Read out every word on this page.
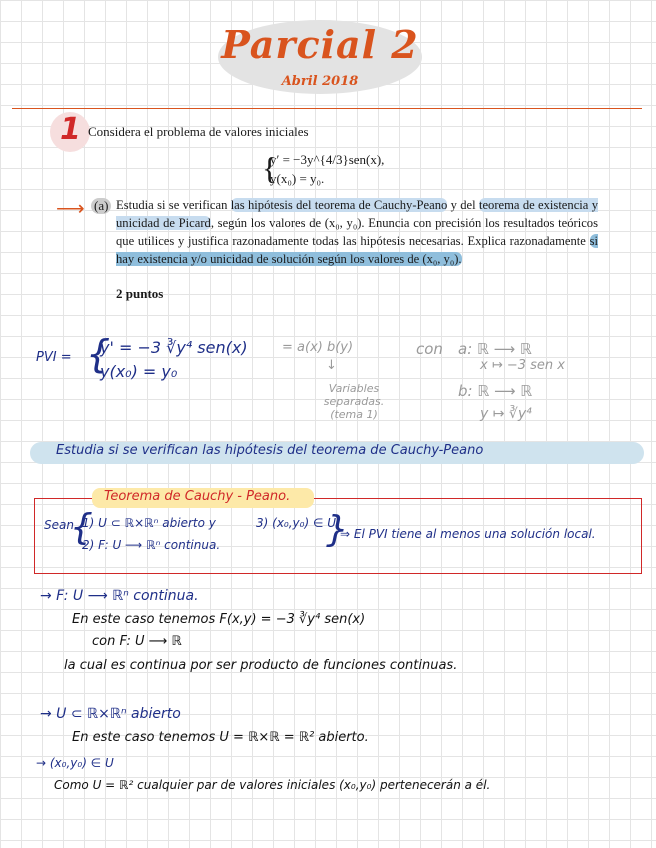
Parcial 2
Abril 2018
1 Considera el problema de valores iniciales
{
y′ = −3y^{4/3}sen(x),
y(x₀) = y₀.
⟶ (a) Estudia si se verifican las hipótesis del teorema de Cauchy-Peano y del teorema de existencia y unicidad de Picard, según los valores de (x₀, y₀). Enuncia con precisión los resultados teóricos que utilices y justifica razonadamente todas las hipótesis necesarias. Explica razonadamente si hay existencia y/o unicidad de solución según los valores de (x₀, y₀).
2 puntos
PVI = {
y' = −3 ∛y⁴ sen(x)
y(x₀) = y₀
= a(x) b(y)
↓
Variables separadas. (tema 1)
con a: ℝ ⟶ ℝ
x ↦ −3 sen x
b: ℝ ⟶ ℝ
y ↦ ∛y⁴
Estudia si se verifican las hipótesis del teorema de Cauchy-Peano
Teorema de Cauchy - Peano.
Sean
{
1) U ⊂ ℝ×ℝⁿ abierto y	3) (x₀,y₀) ∈ U.
2) F: U ⟶ ℝⁿ continua.	}
⇒ El PVI tiene al menos una solución local.
→ F: U ⟶ ℝⁿ continua.
En este caso tenemos F(x,y) = −3 ∛y⁴ sen(x)
con F: U ⟶ ℝ
la cual es continua por ser producto de funciones continuas.
→ U ⊂ ℝ×ℝⁿ abierto
En este caso tenemos U = ℝ×ℝ = ℝ² abierto.
→ (x₀,y₀) ∈ U
Como U = ℝ² cualquier par de valores iniciales (x₀,y₀) pertenecerán a él.
